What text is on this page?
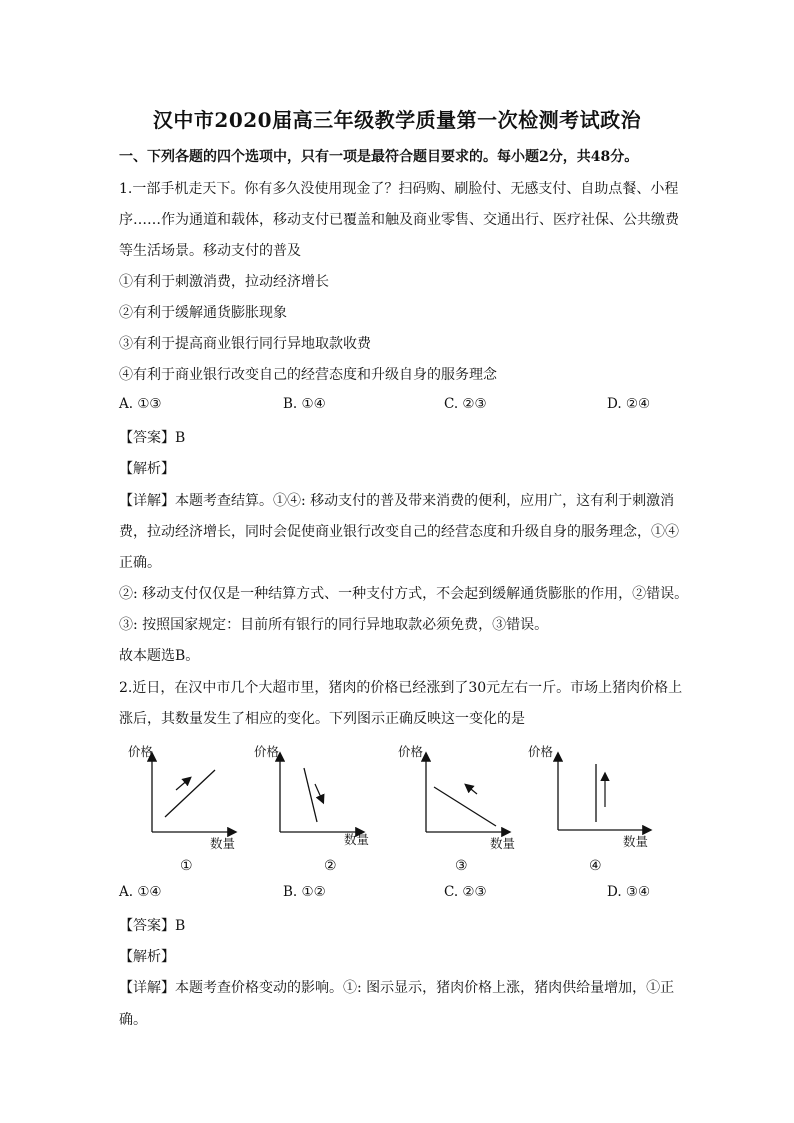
汉中市2020届高三年级教学质量第一次检测考试政治
一、下列各题的四个选项中，只有一项是最符合题目要求的。每小题2分，共48分。
1.一部手机走天下。你有多久没使用现金了？扫码购、刷脸付、无感支付、自助点餐、小程
序……作为通道和载体，移动支付已覆盖和触及商业零售、交通出行、医疗社保、公共缴费
等生活场景。移动支付的普及
①有利于刺激消费，拉动经济增长
②有利于缓解通货膨胀现象
③有利于提高商业银行同行异地取款收费
④有利于商业银行改变自己的经营态度和升级自身的服务理念
A. ①③	B. ①④	C. ②③	D. ②④
【答案】B
【解析】
【详解】本题考查结算。①④: 移动支付的普及带来消费的便利，应用广，这有利于刺激消
费，拉动经济增长，同时会促使商业银行改变自己的经营态度和升级自身的服务理念，①④
正确。
②: 移动支付仅仅是一种结算方式、一种支付方式，不会起到缓解通货膨胀的作用，②错误。
③: 按照国家规定：目前所有银行的同行异地取款必须免费，③错误。
故本题选B。
2.近日，在汉中市几个大超市里，猪肉的价格已经涨到了30元左右一斤。市场上猪肉价格上
涨后，其数量发生了相应的变化。下列图示正确反映这一变化的是
价格
数量
①
价格
数量
②
价格
数量
③
价格
数量
④
A. ①④	B. ①②	C. ②③	D. ③④
【答案】B
【解析】
【详解】本题考查价格变动的影响。①: 图示显示，猪肉价格上涨，猪肉供给量增加，①正
确。
